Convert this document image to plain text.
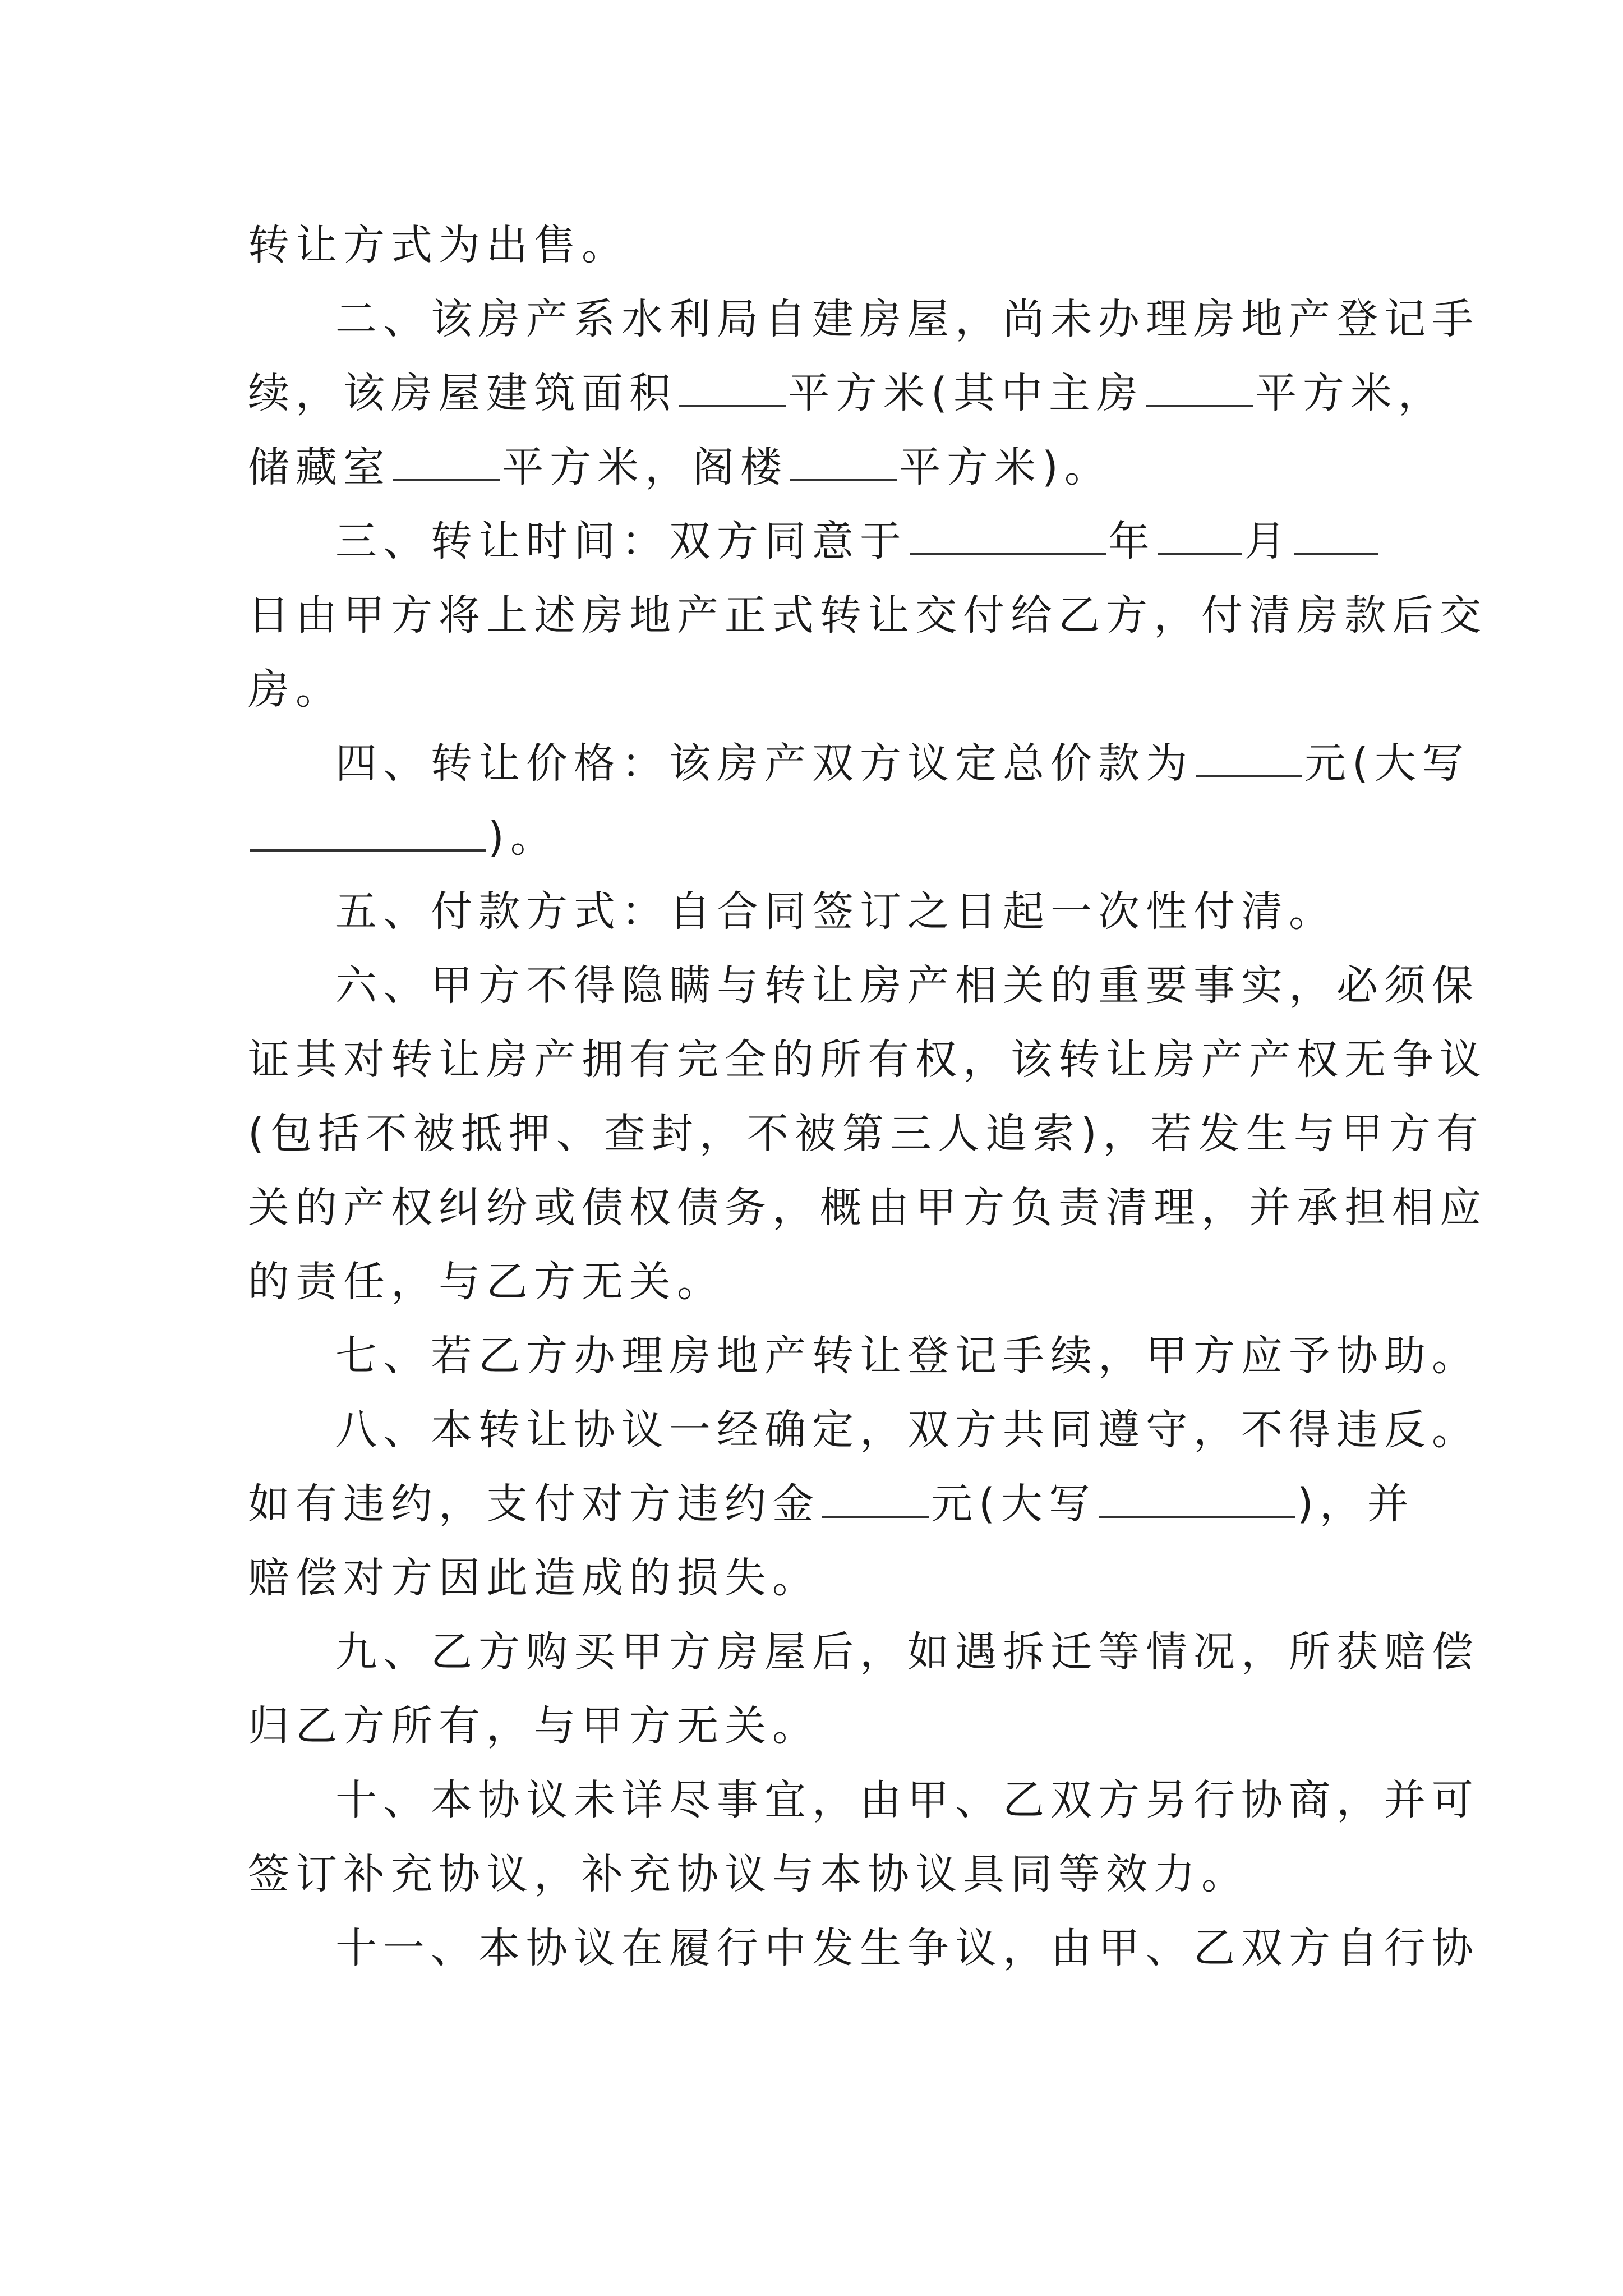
转让方式为出售。
二、该房产系水利局自建房屋，尚未办理房地产登记手
续，该房屋建筑面积	平方米(其中主房	平方米，
储藏室	平方米，阁楼	平方米)。
三、转让时间：双方同意于	年 月
日由甲方将上述房地产正式转让交付给乙方，付清房款后交
房。
四、转让价格：该房产双方议定总价款为	元(大写
)。
五、付款方式：自合同签订之日起一次性付清。
六、甲方不得隐瞒与转让房产相关的重要事实，必须保
证其对转让房产拥有完全的所有权，该转让房产产权无争议
(包括不被抵押、查封，不被第三人追索)，若发生与甲方有
关的产权纠纷或债权债务，概由甲方负责清理，并承担相应
的责任，与乙方无关。
七、若乙方办理房地产转让登记手续，甲方应予协助。
八、本转让协议一经确定，双方共同遵守，不得违反。
如有违约，支付对方违约金	元(大写	)，并
赔偿对方因此造成的损失。
九、乙方购买甲方房屋后，如遇拆迁等情况，所获赔偿
归乙方所有，与甲方无关。
十、本协议未详尽事宜，由甲、乙双方另行协商，并可
签订补充协议，补充协议与本协议具同等效力。
十一、本协议在履行中发生争议，由甲、乙双方自行协
